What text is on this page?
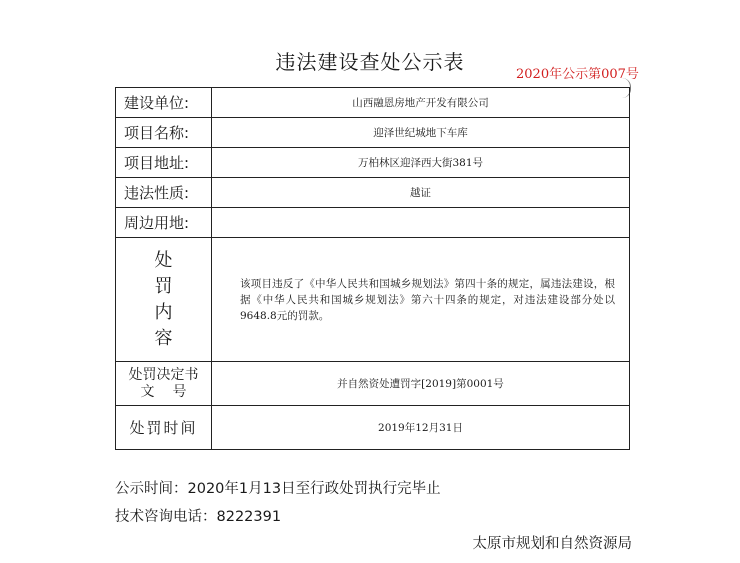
违法建设查处公示表
2020年公示第007号
建设单位:	山西融恩房地产开发有限公司
项目名称:	迎泽世纪城地下车库
项目地址:	万柏林区迎泽西大街381号
违法性质:	越证
周边用地:	

处
罚
内
容	该项目违反了《中华人民共和国城乡规划法》第四十条的规定，属违法建设，根据《中华人民共和国城乡规划法》第六十四条的规定，对违法建设部分处以9648.8元的罚款。

处罚决定书
文号	并自然资处遭罚字[2019]第0001号
处罚时间	2019年12月31日
公示时间：2020年1月13日至行政处罚执行完毕止
技术咨询电话：8222391
太原市规划和自然资源局
